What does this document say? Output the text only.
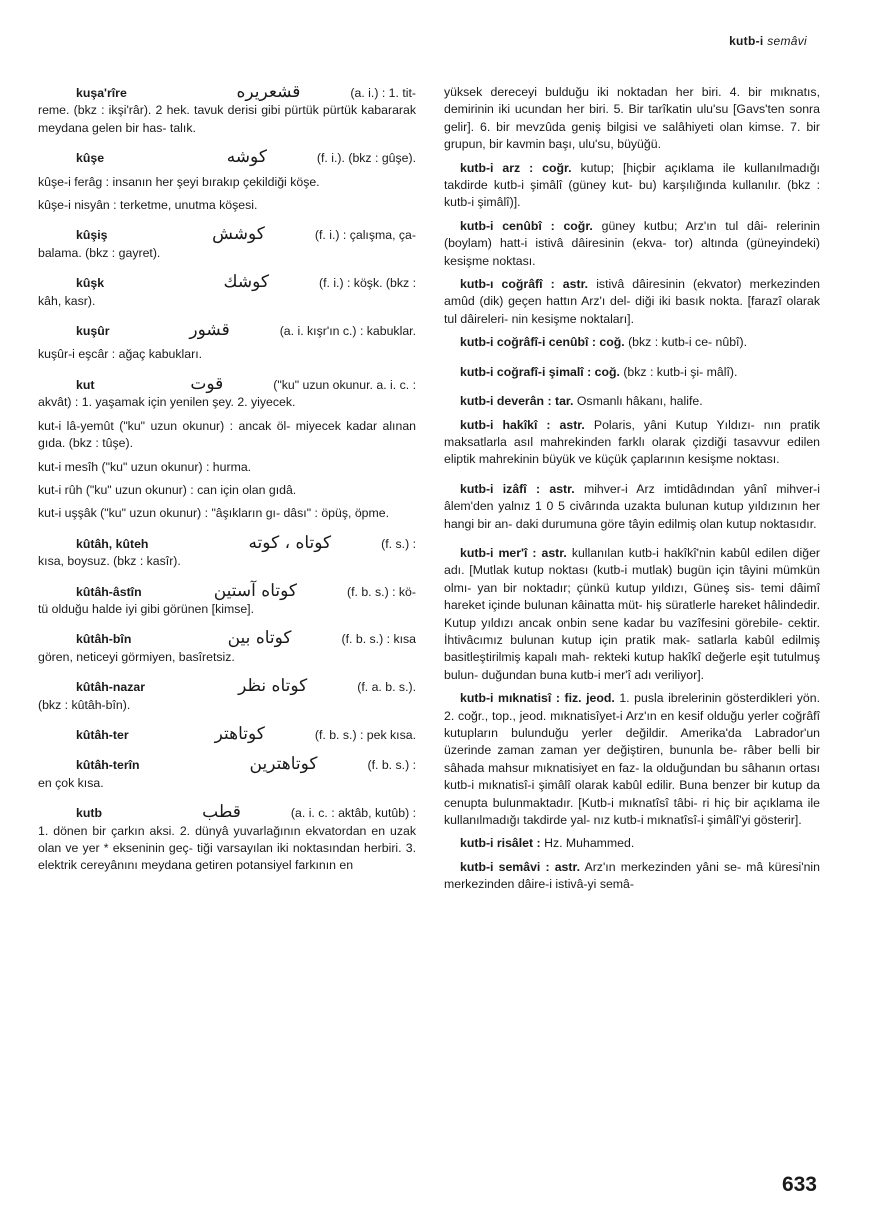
kutb-i semâvi
kuşa'rîre	قشعريره	(a. i.) : 1. tit-
reme. (bkz : ikşi'râr). 2 hek. tavuk derisi gibi pürtük pürtük kabararak meydana gelen bir has- talık.
kûşe	كوشه	(f. i.). (bkz : gûşe).
kûşe-i ferâg : insanın her şeyi bırakıp çekildiği köşe.
kûşe-i nisyân : terketme, unutma köşesi.
kûşiş	كوشش	(f. i.) : çalışma, ça-
balama. (bkz : gayret).
kûşk	كوشك	(f. i.) : köşk. (bkz :
kâh, kasr).
kuşûr	قشور	(a. i. kışr'ın c.) : kabuklar.
kuşûr-i eşcâr : ağaç kabukları.
kut	قوت	("ku" uzun okunur. a. i. c. :
akvât) : 1. yaşamak için yenilen şey. 2. yiyecek.
kut-i lâ-yemût ("ku" uzun okunur) : ancak öl- miyecek kadar alınan gıda. (bkz : tûşe).
kut-i mesîh ("ku" uzun okunur) : hurma.
kut-i rûh ("ku" uzun okunur) : can için olan gıdâ.
kut-i uşşâk ("ku" uzun okunur) : "âşıkların gı- dâsı" : öpüş, öpme.
kûtâh, kûteh	كوتاه ، كوته	(f. s.) :
kısa, boysuz. (bkz : kasîr).
kûtâh-âstîn	كوتاه آستين	(f. b. s.) : kö-
tü olduğu halde iyi gibi görünen [kimse].
kûtâh-bîn	كوتاه بين	(f. b. s.) : kısa
gören, neticeyi görmiyen, basîretsiz.
kûtâh-nazar	كوتاه نظر	(f. a. b. s.).
(bkz : kûtâh-bîn).
kûtâh-ter	كوتاهتر	(f. b. s.) : pek kısa.
kûtâh-terîn	كوتاهترين	(f. b. s.) :
en çok kısa.
kutb	قطب	(a. i. c. : aktâb, kutûb) :
1. dönen bir çarkın aksi. 2. dünyâ yuvarlağının ekvatordan en uzak olan ve yer * ekseninin geç- tiği varsayılan iki noktasından herbiri. 3. elektrik cereyânını meydana getiren potansiyel farkının en
yüksek dereceyi bulduğu iki noktadan her biri. 4. bir mıknatıs, demirinin iki ucundan her biri. 5. Bir tarîkatin ulu'su [Gavs'ten sonra gelir]. 6. bir mevzûda geniş bilgisi ve salâhiyeti olan kimse. 7. bir grupun, bir kavmin başı, ulu'su, büyüğü.
kutb-i arz : coğr. kutup; [hiçbir açıklama ile kullanılmadığı takdirde kutb-i şimâlî (güney kut- bu) karşılığında kullanılır. (bkz : kutb-i şimâlî)].
kutb-i cenûbî : coğr. güney kutbu; Arz'ın tul dâi- relerinin (boylam) hatt-i istivâ dâiresinin (ekva- tor) altında (güneyindeki) kesişme noktası.
kutb-ı coğrâfî : astr. istivâ dâiresinin (ekvator) merkezinden amûd (dik) geçen hattın Arz'ı del- diği iki basık nokta. [farazî olarak tul dâireleri- nin kesişme noktaları].
kutb-i coğrâfî-i cenûbî : coğ. (bkz : kutb-i ce- nûbî).
kutb-i coğrafî-i şimalî : coğ. (bkz : kutb-i şi- mâlî).
kutb-i deverân : tar. Osmanlı hâkanı, halife.
kutb-i hakîkî : astr. Polaris, yâni Kutup Yıldızı- nın pratik maksatlarla asıl mahrekinden farklı olarak çizdiği tasavvur edilen eliptik mahrekinin büyük ve küçük çaplarının kesişme noktası.
kutb-i izâfî : astr. mihver-i Arz imtidâdından yânî mihver-i âlem'den yalnız 1 0 5 civârında uzakta bulunan kutup yıldızının her hangi bir an- daki durumuna göre tâyin edilmiş olan kutup noktasıdır.
kutb-i mer'î : astr. kullanılan kutb-i hakîkî'nin kabûl edilen diğer adı. [Mutlak kutup noktası (kutb-i mutlak) bugün için tâyini mümkün olmı- yan bir noktadır; çünkü kutup yıldızı, Güneş sis- temi dâimî hareket içinde bulunan kâinatta müt- hiş süratlerle hareket hâlindedir. Kutup yıldızı ancak onbin sene kadar bu vazîfesini görebile- cektir. İhtivâcımız bulunan kutup için pratik mak- satlarla kabûl edilmiş basitleştirilmiş kapalı mah- rekteki kutup hakîkî değerle eşit tutulmuş bulun- duğundan buna kutb-i mer'î adı veriliyor].
kutb-i mıknatisî : fiz. jeod. 1. pusla ibrelerinin gösterdikleri yön. 2. coğr., top., jeod. mıknatisîyet-i Arz'ın en kesif olduğu yerler coğrâfî kutupların bulunduğu yerler değildir. Amerika'da Labrador'un üzerinde zaman zaman yer değiştiren, bununla be- râber belli bir sâhada mahsur mıknatisiyet en faz- la olduğundan bu sâhanın ortası kutb-i mıknatisî-i şimâlî olarak kabûl edilir. Buna benzer bir kutup da cenupta bulunmaktadır. [Kutb-i mıknatîsî tâbi- ri hiç bir açıklama ile kullanılmadığı takdirde yal- nız kutb-i mıknatîsî-i şimâlî'yi gösterir].
kutb-i risâlet : Hz. Muhammed.
kutb-i semâvi : astr. Arz'ın merkezinden yâni se- mâ küresi'nin merkezinden dâire-i istivâ-yi semâ-
633
